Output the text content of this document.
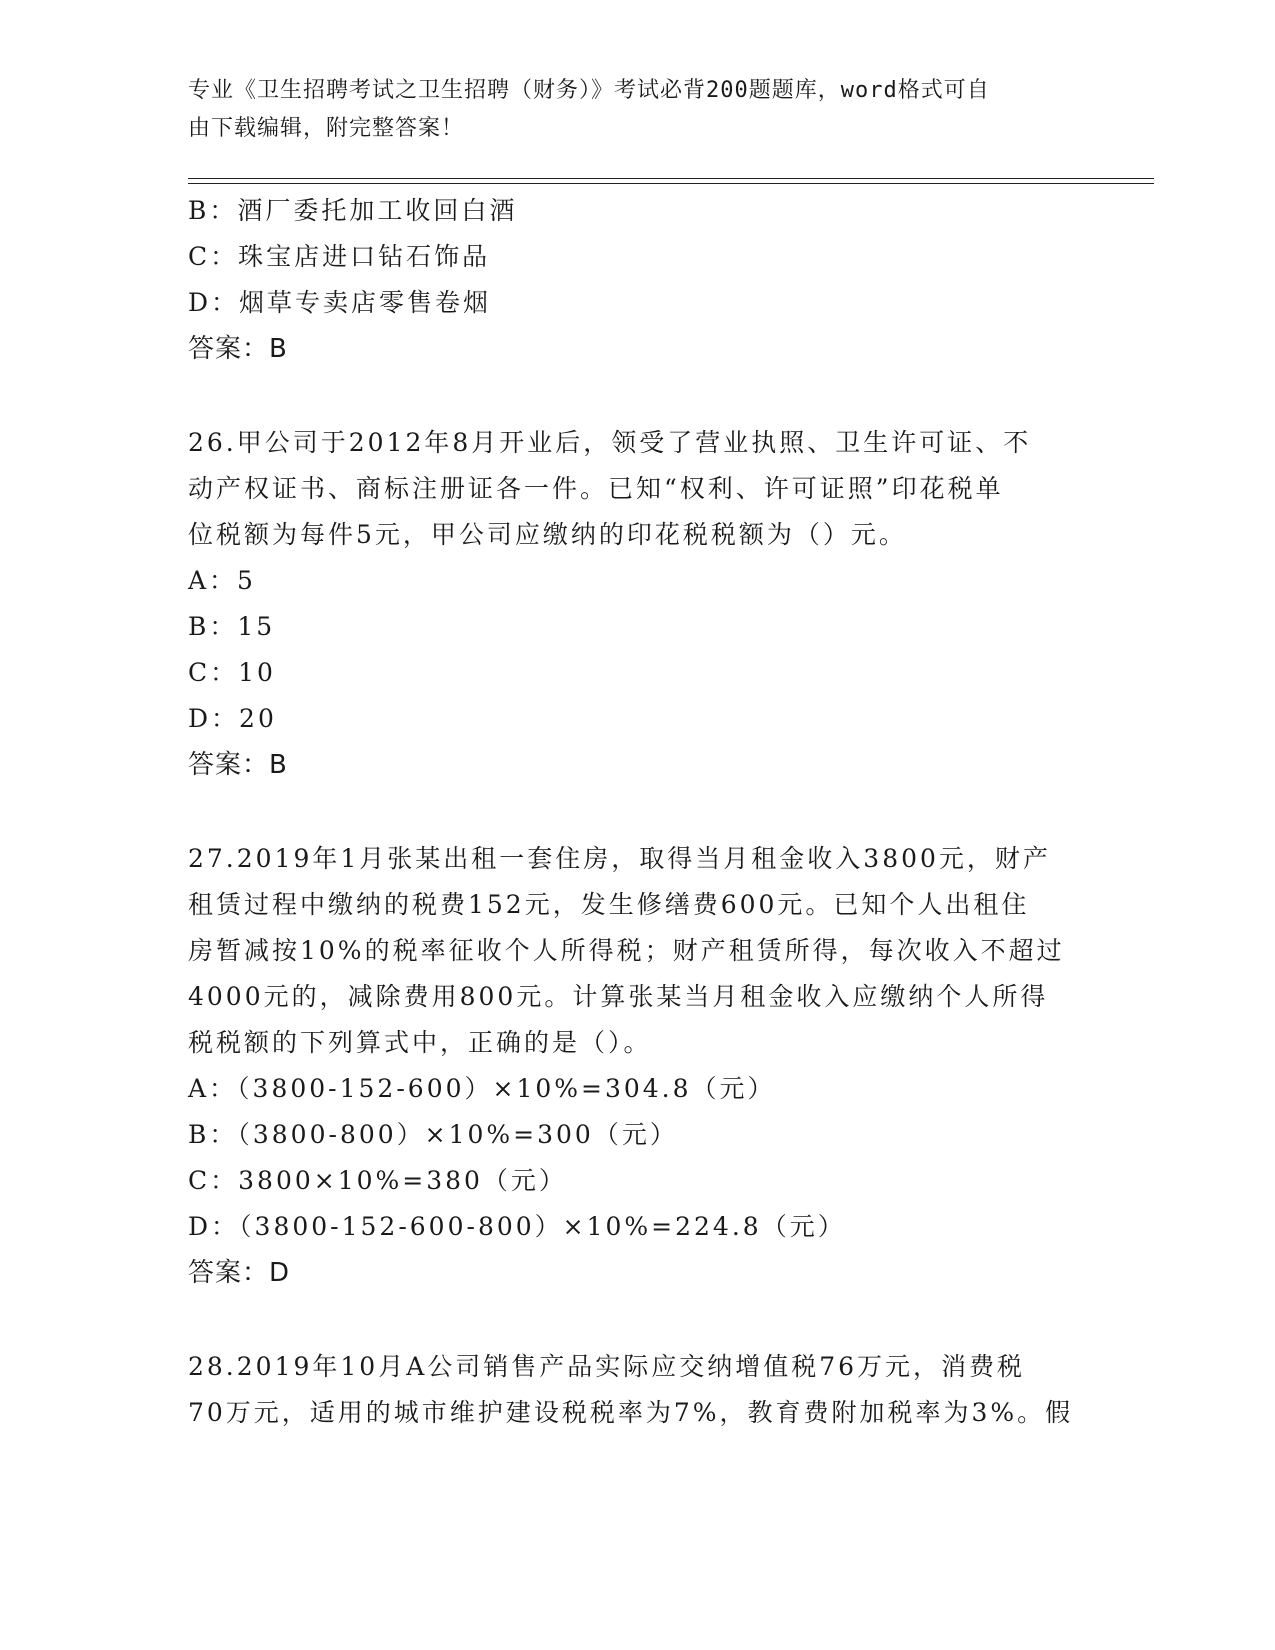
专业《卫生招聘考试之卫生招聘（财务）》考试必背200题题库，word格式可自
由下载编辑，附完整答案！
B：酒厂委托加工收回白酒
C：珠宝店进口钻石饰品
D：烟草专卖店零售卷烟
答案：B
26.甲公司于2012年8月开业后，领受了营业执照、卫生许可证、不
动产权证书、商标注册证各一件。已知“权利、许可证照”印花税单
位税额为每件5元，甲公司应缴纳的印花税税额为（）元。
A：5
B：15
C：10
D：20
答案：B
27.2019年1月张某出租一套住房，取得当月租金收入3800元，财产
租赁过程中缴纳的税费152元，发生修缮费600元。已知个人出租住
房暂减按10%的税率征收个人所得税；财产租赁所得，每次收入不超过
4000元的，减除费用800元。计算张某当月租金收入应缴纳个人所得
税税额的下列算式中，正确的是（）。
A：（3800-152-600）×10%=304.8（元）
B：（3800-800）×10%=300（元）
C：3800×10%=380（元）
D：（3800-152-600-800）×10%=224.8（元）
答案：D
28.2019年10月A公司销售产品实际应交纳增值税76万元，消费税
70万元，适用的城市维护建设税税率为7%，教育费附加税率为3%。假
